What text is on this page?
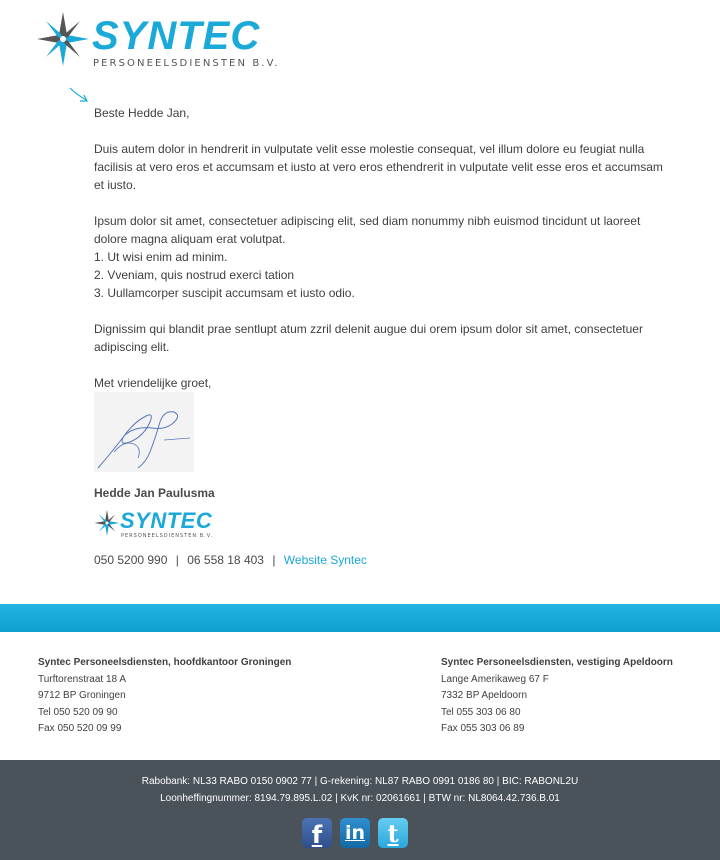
SYNTEC
PERSONEELSDIENSTEN B.V.

Beste Hedde Jan,

Duis autem dolor in hendrerit in vulputate velit esse molestie consequat, vel illum dolore eu feugiat nulla facilisis at vero eros et accumsam et iusto at vero eros ethendrerit in vulputate velit esse eros et accumsam et iusto.

Ipsum dolor sit amet, consectetuer adipiscing elit, sed diam nonummy nibh euismod tincidunt ut laoreet dolore magna aliquam erat volutpat.

1. Ut wisi enim ad minim.
2. Vveniam, quis nostrud exerci tation
3. Uullamcorper suscipit accumsam et iusto odio.

Dignissim qui blandit prae sentlupt atum zzril delenit augue dui orem ipsum dolor sit amet, consectetuer adipiscing elit.

Met vriendelijke groet,

Hedde Jan Paulusma
SYNTEC
PERSONEELSDIENSTEN B.V.
050 5200 990 | 06 558 18 403 | Website Syntec
Syntec Personeelsdiensten, hoofdkantoor Groningen
Turftorenstraat 18 A
9712 BP Groningen
Tel 050 520 09 90
Fax 050 520 09 99
Syntec Personeelsdiensten, vestiging Apeldoorn
Lange Amerikaweg 67 F
7332 BP Apeldoorn
Tel 055 303 06 80
Fax 055 303 06 89
Rabobank: NL33 RABO 0150 0902 77 | G-rekening: NL87 RABO 0991 0186 80 | BIC: RABONL2U
Loonheffingnummer: 8194.79.895.L.02 | KvK nr: 02061661 | BTW nr: NL8064.42.736.B.01
f	in t
